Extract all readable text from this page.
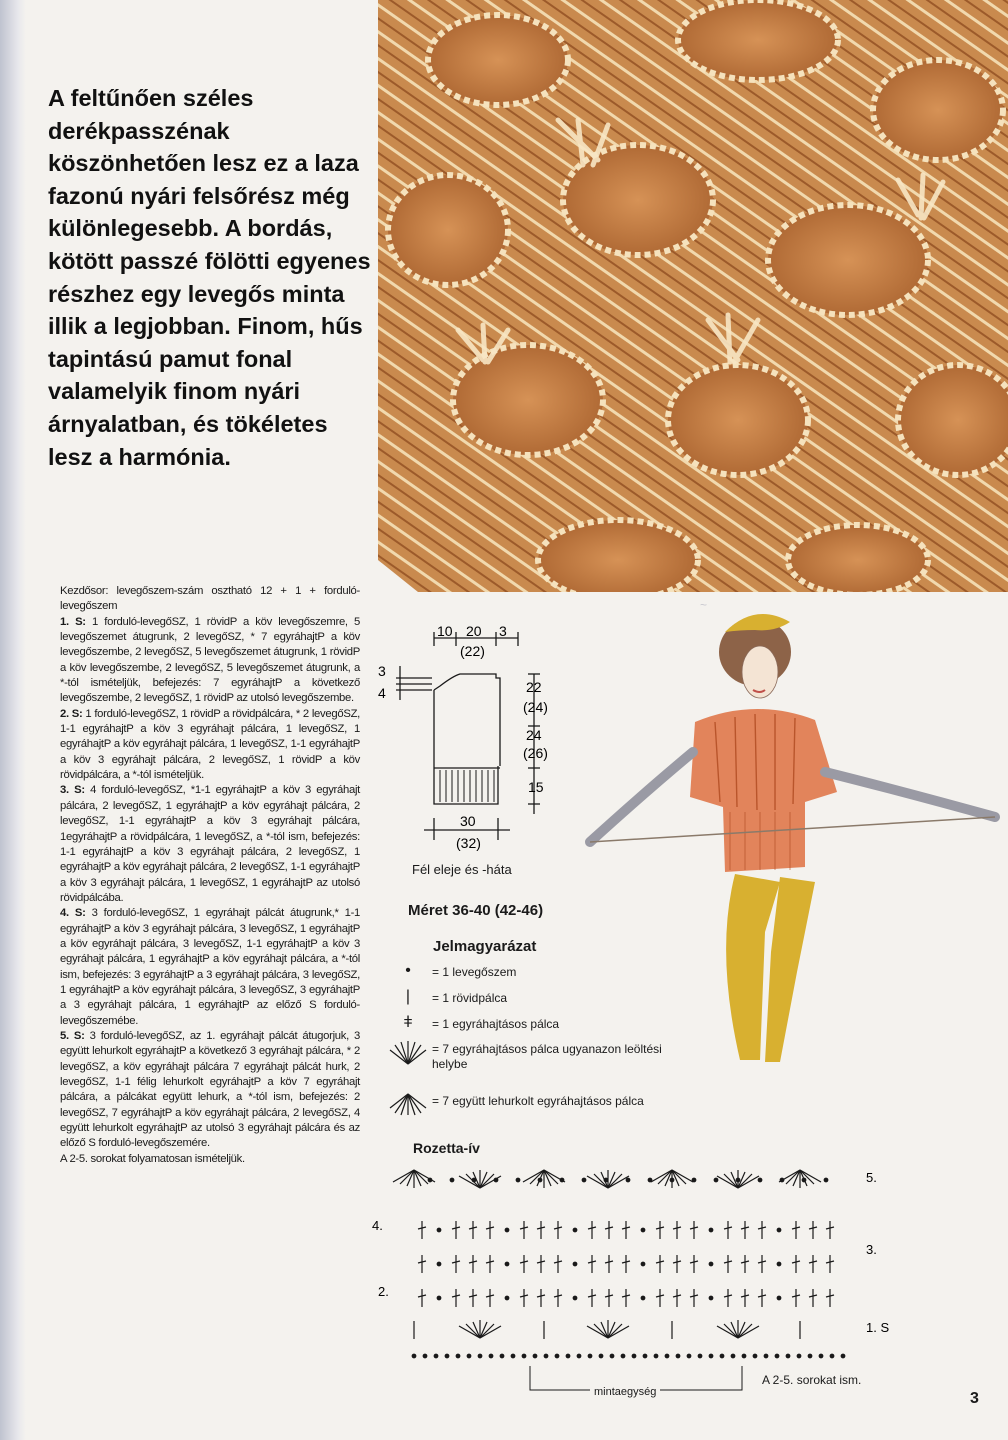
A feltűnően széles derékpasszénak köszönhetően lesz ez a laza fazonú nyári felsőrész még különlegesebb. A bordás, kötött passzé fölötti egyenes részhez egy levegős minta illik a legjobban. Finom, hűs tapintású pamut fonal valamelyik finom nyári árnyalatban, és tökéletes lesz a harmónia.

Kezdősor: levegőszem-szám osztható 12 + 1 + forduló-levegőszem

1. S: 1 forduló-levegőSZ, 1 rövidP a köv levegőszemre, 5 levegőszemet átugrunk, 2 levegőSZ, * 7 egyráhajtP a köv levegőszembe, 2 levegőSZ, 5 levegőszemet átugrunk, 1 rövidP a köv levegőszembe, 2 levegőSZ, 5 levegőszemet átugrunk, a *-tól ismételjük, befejezés: 7 egyráhajtP a következő levegőszembe, 2 levegőSZ, 1 rövidP az utolsó levegőszembe.

2. S: 1 forduló-levegőSZ, 1 rövidP a rövidpálcára, * 2 levegőSZ, 1-1 egyráhajtP a köv 3 egyráhajt pálcára, 1 levegőSZ, 1 egyráhajtP a köv egyráhajt pálcára, 1 levegőSZ, 1-1 egyráhajtP a köv 3 egyráhajt pálcára, 2 levegőSZ, 1 rövidP a köv rövidpálcára, a *-tól ismételjük.

3. S: 4 forduló-levegőSZ, *1-1 egyráhajtP a köv 3 egyráhajt pálcára, 2 levegőSZ, 1 egyráhajtP a köv egyráhajt pálcára, 2 levegőSZ, 1-1 egyráhajtP a köv 3 egyráhajt pálcára, 1egyráhajtP a rövidpálcára, 1 levegőSZ, a *-tól ism, befejezés: 1-1 egyráhajtP a köv 3 egyráhajt pálcára, 2 levegőSZ, 1 egyráhajtP a köv egyráhajt pálcára, 2 levegőSZ, 1-1 egyráhajtP a köv 3 egyráhajt pálcára, 1 levegőSZ, 1 egyráhajtP az utolsó rövidpálcába.

4. S: 3 forduló-levegőSZ, 1 egyráhajt pálcát átugrunk,* 1-1 egyráhajtP a köv 3 egyráhajt pálcára, 3 levegőSZ, 1 egyráhajtP a köv egyráhajt pálcára, 3 levegőSZ, 1-1 egyráhajtP a köv 3 egyráhajt pálcára, 1 egyráhajtP a köv egyráhajt pálcára, a *-tól ism, befejezés: 3 egyráhajtP a 3 egyráhajt pálcára, 3 levegőSZ, 1 egyráhajtP a köv egyráhajt pálcára, 3 levegőSZ, 3 egyráhajtP a 3 egyráhajt pálcára, 1 egyráhajtP az előző S forduló-levegőszemébe.

5. S: 3 forduló-levegőSZ, az 1. egyráhajt pálcát átugorjuk, 3 együtt lehurkolt egyráhajtP a következő 3 egyráhajt pálcára, * 2 levegőSZ, a köv egyráhajt pálcára 7 egyráhajt pálcát hurk, 2 levegőSZ, 1-1 félig lehurkolt egyráhajtP a köv 7 egyráhajt pálcára, a pálcákat együtt lehurk, a *-tól ism, befejezés: 2 levegőSZ, 7 egyráhajtP a köv egyráhajt pálcára, 2 levegőSZ, 4 együtt lehurkolt egyráhajtP az utolsó 3 egyráhajt pálcára és az előző S forduló-levegőszemére.

A 2-5. sorokat folyamatosan ismételjük.

10 20 3
(22)
3
4	22
(24)
24
(26)
15
30
(32)
Fél eleje és -háta
Méret 36-40 (42-46)
Jelmagyarázat
•	= 1 levegőszem
|	= 1 rövidpálca
ǂ	= 1 egyráhajtásos pálca
= 7 egyráhajtásos pálca ugyanazon leöltési helybe
= 7 együtt lehurkolt egyráhajtásos pálca
Rozetta-ív
5.
4.
3.
2.
1. S
mintaegység
A 2-5. sorokat ism.
~
3
